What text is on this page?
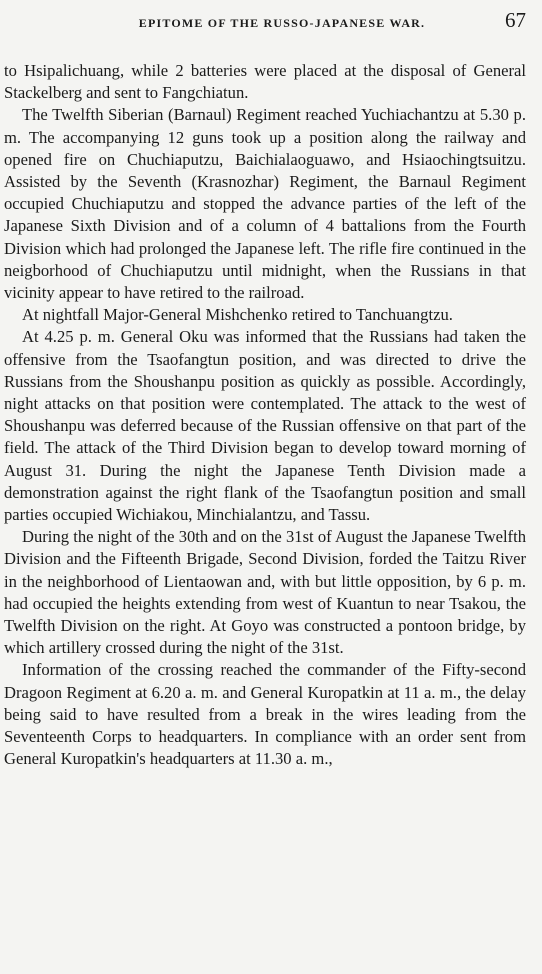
EPITOME OF THE RUSSO-JAPANESE WAR.	67

to Hsipalichuang, while 2 batteries were placed at the disposal of General Stackelberg and sent to Fangchiatun.

The Twelfth Siberian (Barnaul) Regiment reached Yuchiachantzu at 5.30 p. m. The accompanying 12 guns took up a position along the railway and opened fire on Chuchiaputzu, Baichialaoguawo, and Hsiaochingtsuitzu. Assisted by the Seventh (Krasnozhar) Regiment, the Barnaul Regiment occupied Chuchiaputzu and stopped the advance parties of the left of the Japanese Sixth Division and of a column of 4 battalions from the Fourth Division which had prolonged the Japanese left. The rifle fire continued in the neigborhood of Chuchiaputzu until midnight, when the Russians in that vicinity appear to have retired to the railroad.

At nightfall Major-General Mishchenko retired to Tanchuangtzu.

At 4.25 p. m. General Oku was informed that the Russians had taken the offensive from the Tsaofangtun position, and was directed to drive the Russians from the Shoushanpu position as quickly as possible. Accordingly, night attacks on that position were contemplated. The attack to the west of Shoushanpu was deferred because of the Russian offensive on that part of the field. The attack of the Third Division began to develop toward morning of August 31. During the night the Japanese Tenth Division made a demonstration against the right flank of the Tsaofangtun position and small parties occupied Wichiakou, Minchialantzu, and Tassu.

During the night of the 30th and on the 31st of August the Japanese Twelfth Division and the Fifteenth Brigade, Second Division, forded the Taitzu River in the neighborhood of Lientaowan and, with but little opposition, by 6 p. m. had occupied the heights extending from west of Kuantun to near Tsakou, the Twelfth Division on the right. At Goyo was constructed a pontoon bridge, by which artillery crossed during the night of the 31st.

Information of the crossing reached the commander of the Fifty-second Dragoon Regiment at 6.20 a. m. and General Kuropatkin at 11 a. m., the delay being said to have resulted from a break in the wires leading from the Seventeenth Corps to headquarters. In compliance with an order sent from General Kuropatkin's headquarters at 11.30 a. m.,
